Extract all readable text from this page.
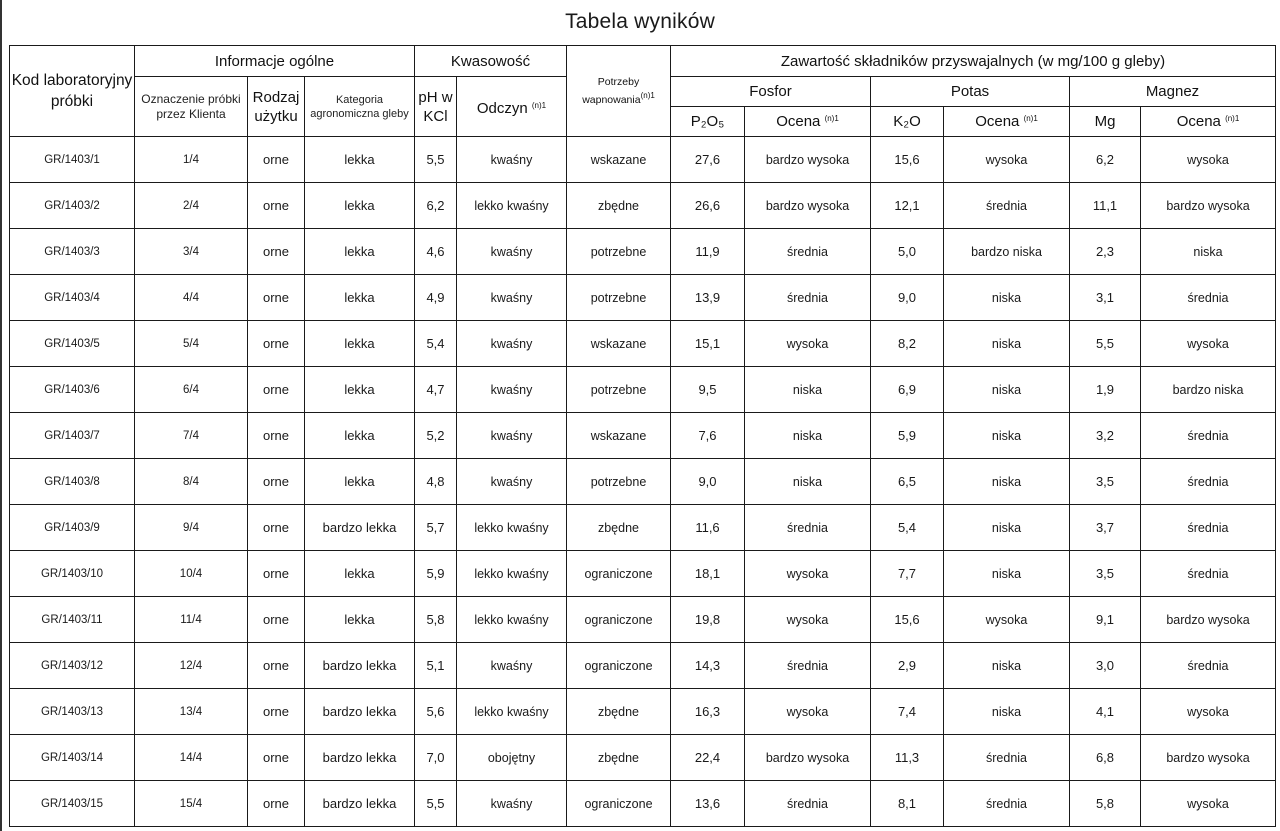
Tabela wyników
Kod laboratoryjny próbki	Informacje ogólne			Kwasowość		Potrzeby wapnowania$^{(n)1}$	Zawartość składników przyswajalnych (w mg/100 g gleby)					
	Oznaczenie próbki przez Klienta	Rodzaj użytku	Kategoria agronomiczna gleby	pH w KCl	Odczyn $^{(n)1}$		Fosfor		Potas		Magnez	
							P₂O₅	Ocena $^{(n)1}$	K₂O	Ocena $^{(n)1}$	Mg	Ocena $^{(n)1}$
GR/1403/1	1/4	orne	lekka	5,5	kwaśny	wskazane	27,6	bardzo wysoka	15,6	wysoka	6,2	wysoka
GR/1403/2	2/4	orne	lekka	6,2	lekko kwaśny	zbędne	26,6	bardzo wysoka	12,1	średnia	11,1	bardzo wysoka
GR/1403/3	3/4	orne	lekka	4,6	kwaśny	potrzebne	11,9	średnia	5,0	bardzo niska	2,3	niska
GR/1403/4	4/4	orne	lekka	4,9	kwaśny	potrzebne	13,9	średnia	9,0	niska	3,1	średnia
GR/1403/5	5/4	orne	lekka	5,4	kwaśny	wskazane	15,1	wysoka	8,2	niska	5,5	wysoka
GR/1403/6	6/4	orne	lekka	4,7	kwaśny	potrzebne	9,5	niska	6,9	niska	1,9	bardzo niska
GR/1403/7	7/4	orne	lekka	5,2	kwaśny	wskazane	7,6	niska	5,9	niska	3,2	średnia
GR/1403/8	8/4	orne	lekka	4,8	kwaśny	potrzebne	9,0	niska	6,5	niska	3,5	średnia
GR/1403/9	9/4	orne	bardzo lekka	5,7	lekko kwaśny	zbędne	11,6	średnia	5,4	niska	3,7	średnia
GR/1403/10	10/4	orne	lekka	5,9	lekko kwaśny	ograniczone	18,1	wysoka	7,7	niska	3,5	średnia
GR/1403/11	11/4	orne	lekka	5,8	lekko kwaśny	ograniczone	19,8	wysoka	15,6	wysoka	9,1	bardzo wysoka
GR/1403/12	12/4	orne	bardzo lekka	5,1	kwaśny	ograniczone	14,3	średnia	2,9	niska	3,0	średnia
GR/1403/13	13/4	orne	bardzo lekka	5,6	lekko kwaśny	zbędne	16,3	wysoka	7,4	niska	4,1	wysoka
GR/1403/14	14/4	orne	bardzo lekka	7,0	obojętny	zbędne	22,4	bardzo wysoka	11,3	średnia	6,8	bardzo wysoka
GR/1403/15	15/4	orne	bardzo lekka	5,5	kwaśny	ograniczone	13,6	średnia	8,1	średnia	5,8	wysoka
